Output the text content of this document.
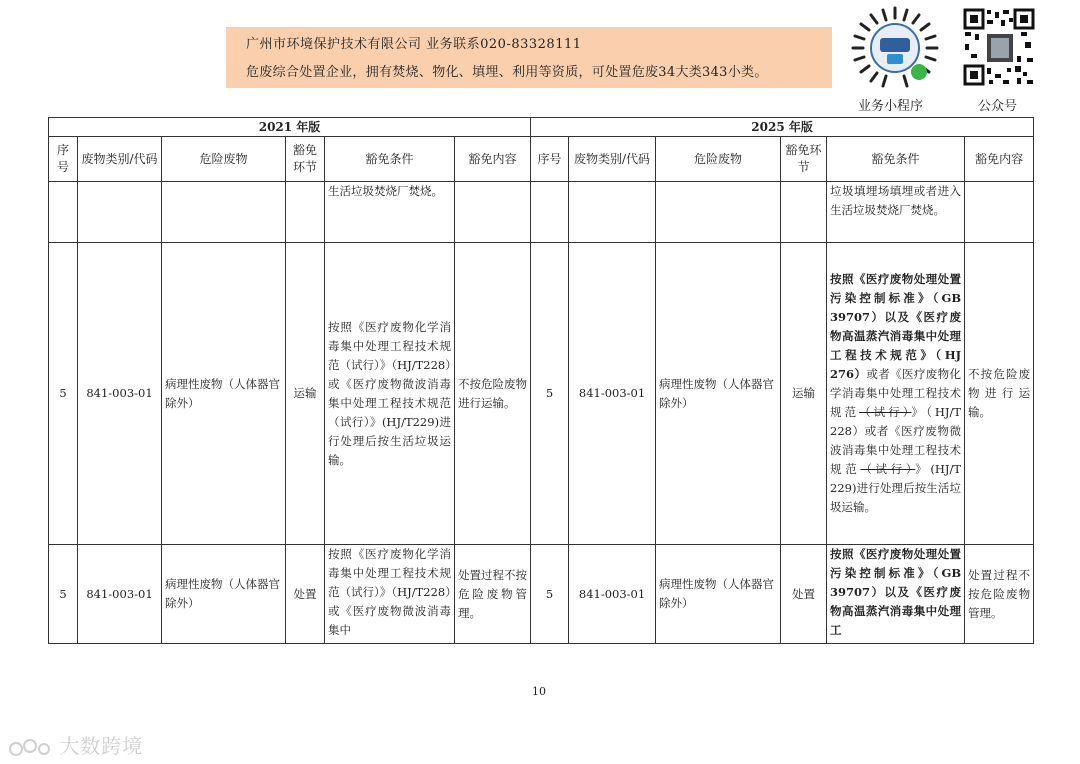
广州市环境保护技术有限公司 业务联系020-83328111
危废综合处置企业，拥有焚烧、物化、填埋、利用等资质，可处置危废34大类343小类。
业务小程序	公众号
2021 年版						2025 年版					
序号	废物类别/代码	危险废物	豁免环节	豁免条件	豁免内容	序号	废物类别/代码	危险废物	豁免环节	豁免条件	豁免内容
				生活垃圾焚烧厂焚烧。						垃圾填埋场填埋或者进入生活垃圾焚烧厂焚烧。	
5	841-003-01	病理性废物（人体器官除外）	运输	按照《医疗废物化学消毒集中处理工程技术规范（试行）》（HJ/T228）或《医疗废物微波消毒集中处理工程技术规范（试行）》(HJ/T229)进行处理后按生活垃圾运输。	不按危险废物进行运输。	5	841-003-01	病理性废物（人体器官除外）	运输	按照《医疗废物处理处置污染控制标准》（GB 39707）以及《医疗废物高温蒸汽消毒集中处理工程技术规范》（HJ 276）或者《医疗废物化学消毒集中处理工程技术规范（试行）》（HJ/T 228）或者《医疗废物微波消毒集中处理工程技术规范（试行）》(HJ/T 229)进行处理后按生活垃圾运输。	不按危险废物进行运输。
5	841-003-01	病理性废物（人体器官除外）	处置	按照《医疗废物化学消毒集中处理工程技术规范（试行）》（HJ/T228）或《医疗废物微波消毒集中	处置过程不按危险废物管理。	5	841-003-01	病理性废物（人体器官除外）	处置	按照《医疗废物处理处置污染控制标准》（GB 39707）以及《医疗废物高温蒸汽消毒集中处理工	处置过程不按危险废物管理。
10
大数跨境
